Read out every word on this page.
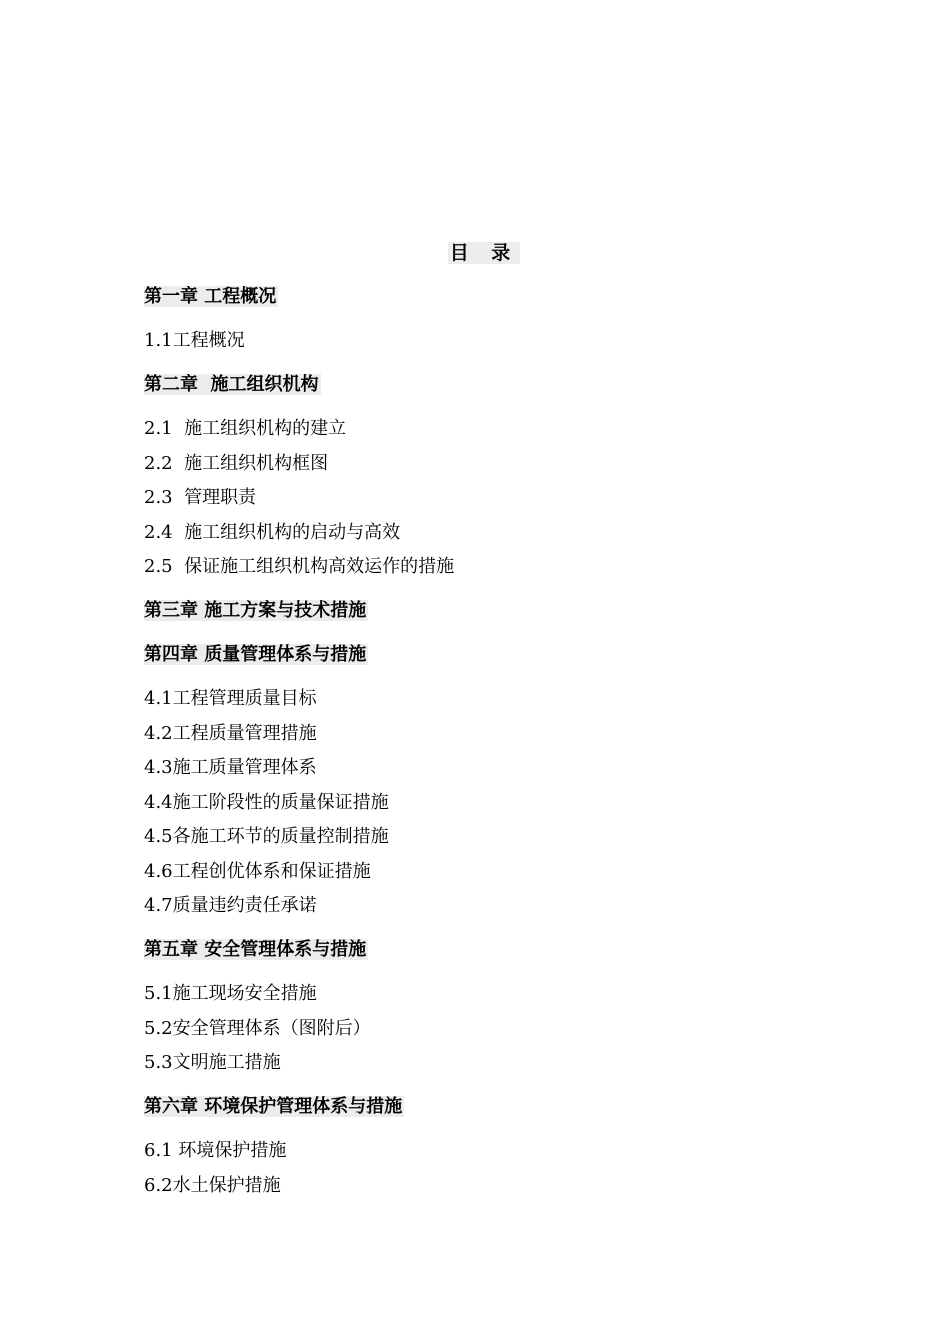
目 录
第一章 工程概况
1.1工程概况
第二章  施工组织机构
2.1  施工组织机构的建立
2.2  施工组织机构框图
2.3  管理职责
2.4  施工组织机构的启动与高效
2.5  保证施工组织机构高效运作的措施
第三章 施工方案与技术措施
第四章 质量管理体系与措施
4.1工程管理质量目标
4.2工程质量管理措施
4.3施工质量管理体系
4.4施工阶段性的质量保证措施
4.5各施工环节的质量控制措施
4.6工程创优体系和保证措施
4.7质量违约责任承诺
第五章 安全管理体系与措施
5.1施工现场安全措施
5.2安全管理体系（图附后）
5.3文明施工措施
第六章 环境保护管理体系与措施
6.1 环境保护措施
6.2水土保护措施
